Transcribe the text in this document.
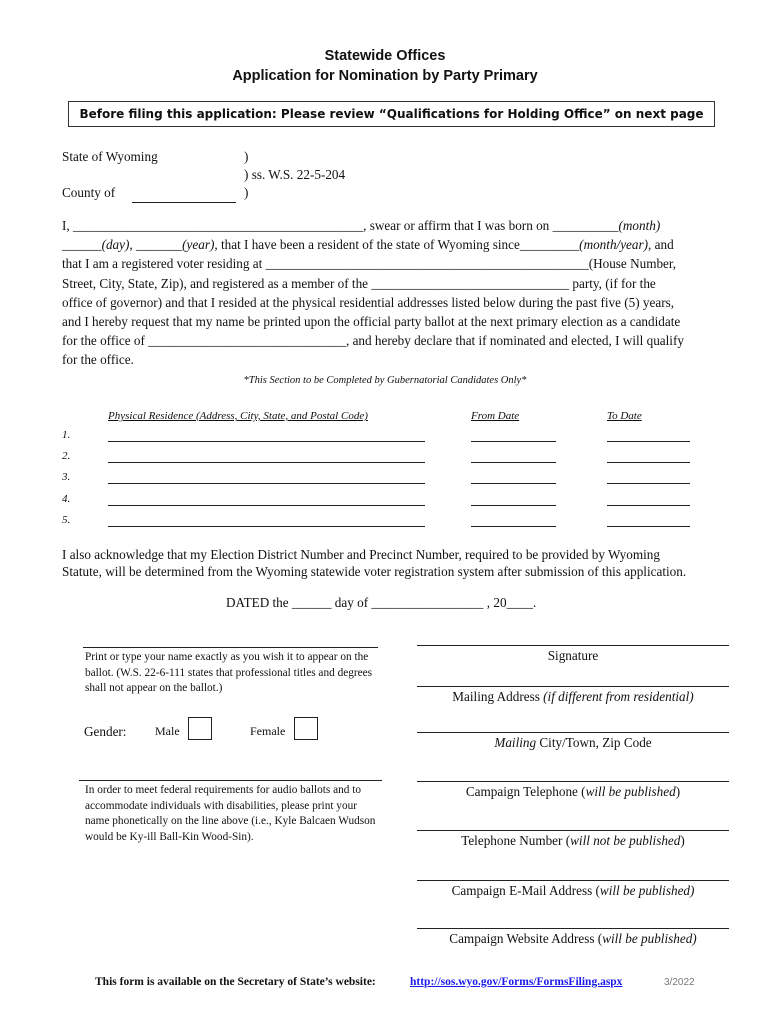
Statewide Offices
Application for Nomination by Party Primary
Before filing this application: Please review “Qualifications for Holding Office” on next page
State of Wyoming	)
) ss. W.S. 22-5-204
County of	)
I, ____________________________________________, swear or affirm that I was born on __________(month)
______(day), _______(year), that I have been a resident of the state of Wyoming since_________(month/year), and
that I am a registered voter residing at _________________________________________________(House Number,
Street, City, State, Zip), and registered as a member of the ______________________________ party, (if for the
office of governor) and that I resided at the physical residential addresses listed below during the past five (5) years,
and I hereby request that my name be printed upon the official party ballot at the next primary election as a candidate
for the office of ______________________________, and hereby declare that if nominated and elected, I will qualify
for the office.
*This Section to be Completed by Gubernatorial Candidates Only*
Physical Residence (Address, City, State, and Postal Code)	From Date	To Date
1.
2.
3.
4.
5.
I also acknowledge that my Election District Number and Precinct Number, required to be provided by Wyoming
Statute, will be determined from the Wyoming statewide voter registration system after submission of this application.
DATED the ______ day of _________________ , 20____.
Print or type your name exactly as you wish it to appear on the ballot. (W.S. 22-6-111 states that professional titles and degrees shall not appear on the ballot.)
Gender: Male	Female
In order to meet federal requirements for audio ballots and to accommodate individuals with disabilities, please print your name phonetically on the line above (i.e., Kyle Balcaen Wudson would be Ky-ill Ball-Kin Wood-Sin).
Signature
Mailing Address (if different from residential)
Mailing City/Town, Zip Code
Campaign Telephone (will be published)
Telephone Number (will not be published)
Campaign E-Mail Address (will be published)
Campaign Website Address (will be published)
This form is available on the Secretary of State’s website:	http://sos.wyo.gov/Forms/FormsFiling.aspx	3/2022
